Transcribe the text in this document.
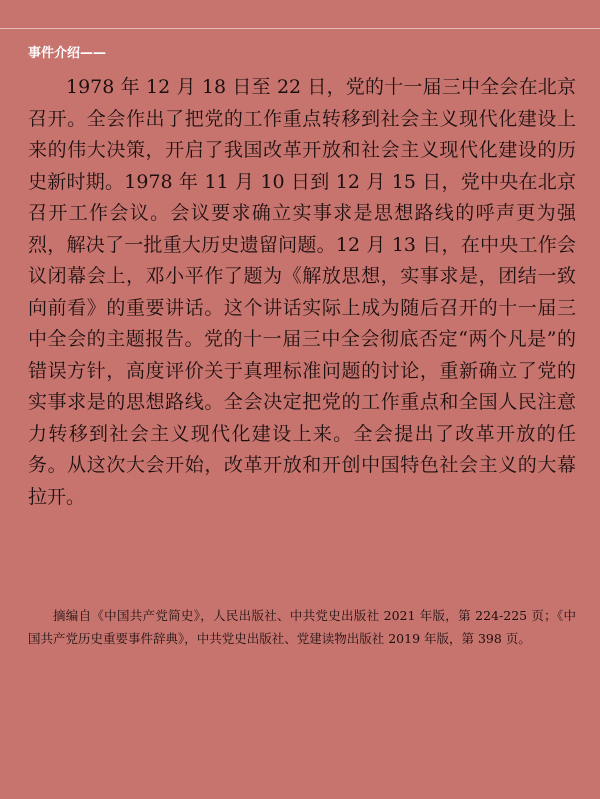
事件介绍——

1978 年 12 月 18 日至 22 日，党的十一届三中全会在北京召开。全会作出了把党的工作重点转移到社会主义现代化建设上来的伟大决策，开启了我国改革开放和社会主义现代化建设的历史新时期。1978 年 11 月 10 日到 12 月 15 日，党中央在北京召开工作会议。会议要求确立实事求是思想路线的呼声更为强烈，解决了一批重大历史遗留问题。12 月 13 日，在中央工作会议闭幕会上，邓小平作了题为《解放思想，实事求是，团结一致向前看》的重要讲话。这个讲话实际上成为随后召开的十一届三中全会的主题报告。党的十一届三中全会彻底否定“两个凡是”的错误方针，高度评价关于真理标准问题的讨论，重新确立了党的实事求是的思想路线。全会决定把党的工作重点和全国人民注意力转移到社会主义现代化建设上来。全会提出了改革开放的任务。从这次大会开始，改革开放和开创中国特色社会主义的大幕拉开。

摘编自《中国共产党简史》，人民出版社、中共党史出版社 2021 年版，第 224-225 页；《中国共产党历史重要事件辞典》，中共党史出版社、党建读物出版社 2019 年版，第 398 页。
